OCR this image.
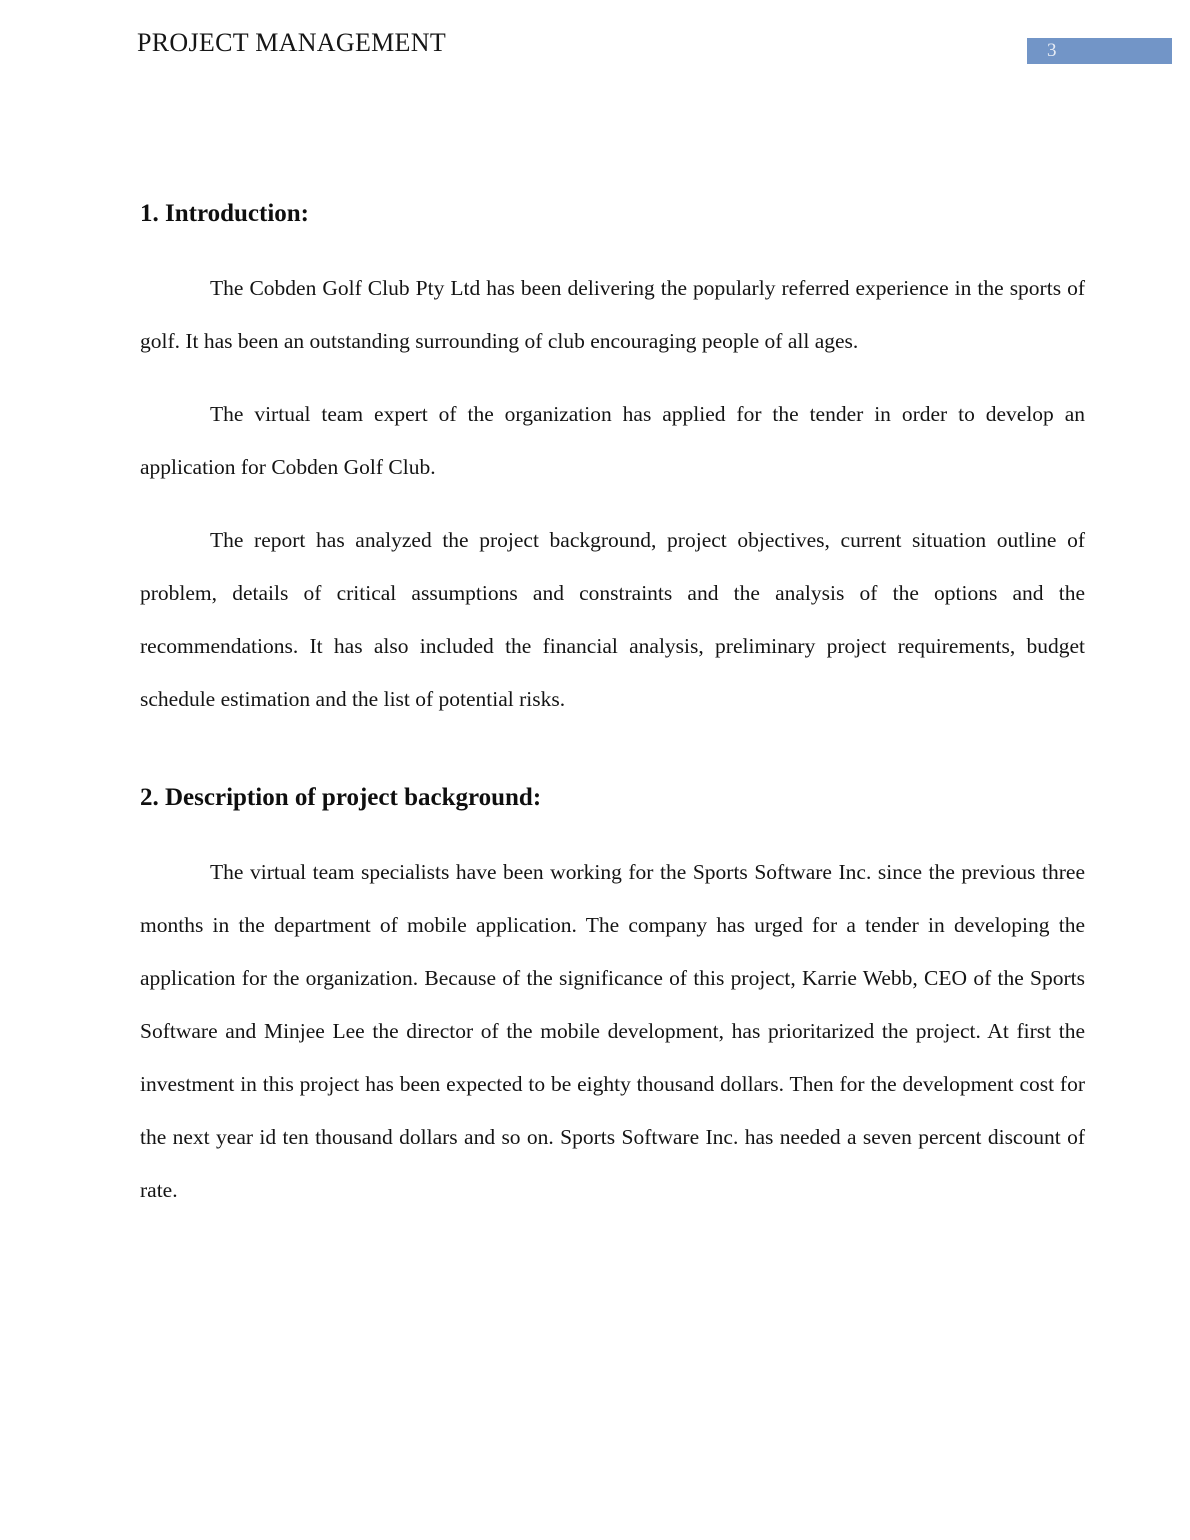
PROJECT MANAGEMENT	3
1. Introduction:

The Cobden Golf Club Pty Ltd has been delivering the popularly referred experience in the sports of golf. It has been an outstanding surrounding of club encouraging people of all ages.

The virtual team expert of the organization has applied for the tender in order to develop an application for Cobden Golf Club.

The report has analyzed the project background, project objectives, current situation outline of problem, details of critical assumptions and constraints and the analysis of the options and the recommendations. It has also included the financial analysis, preliminary project requirements, budget schedule estimation and the list of potential risks.

2. Description of project background:

The virtual team specialists have been working for the Sports Software Inc. since the previous three months in the department of mobile application. The company has urged for a tender in developing the application for the organization. Because of the significance of this project, Karrie Webb, CEO of the Sports Software and Minjee Lee the director of the mobile development, has prioritarized the project. At first the investment in this project has been expected to be eighty thousand dollars. Then for the development cost for the next year id ten thousand dollars and so on. Sports Software Inc. has needed a seven percent discount of rate.
